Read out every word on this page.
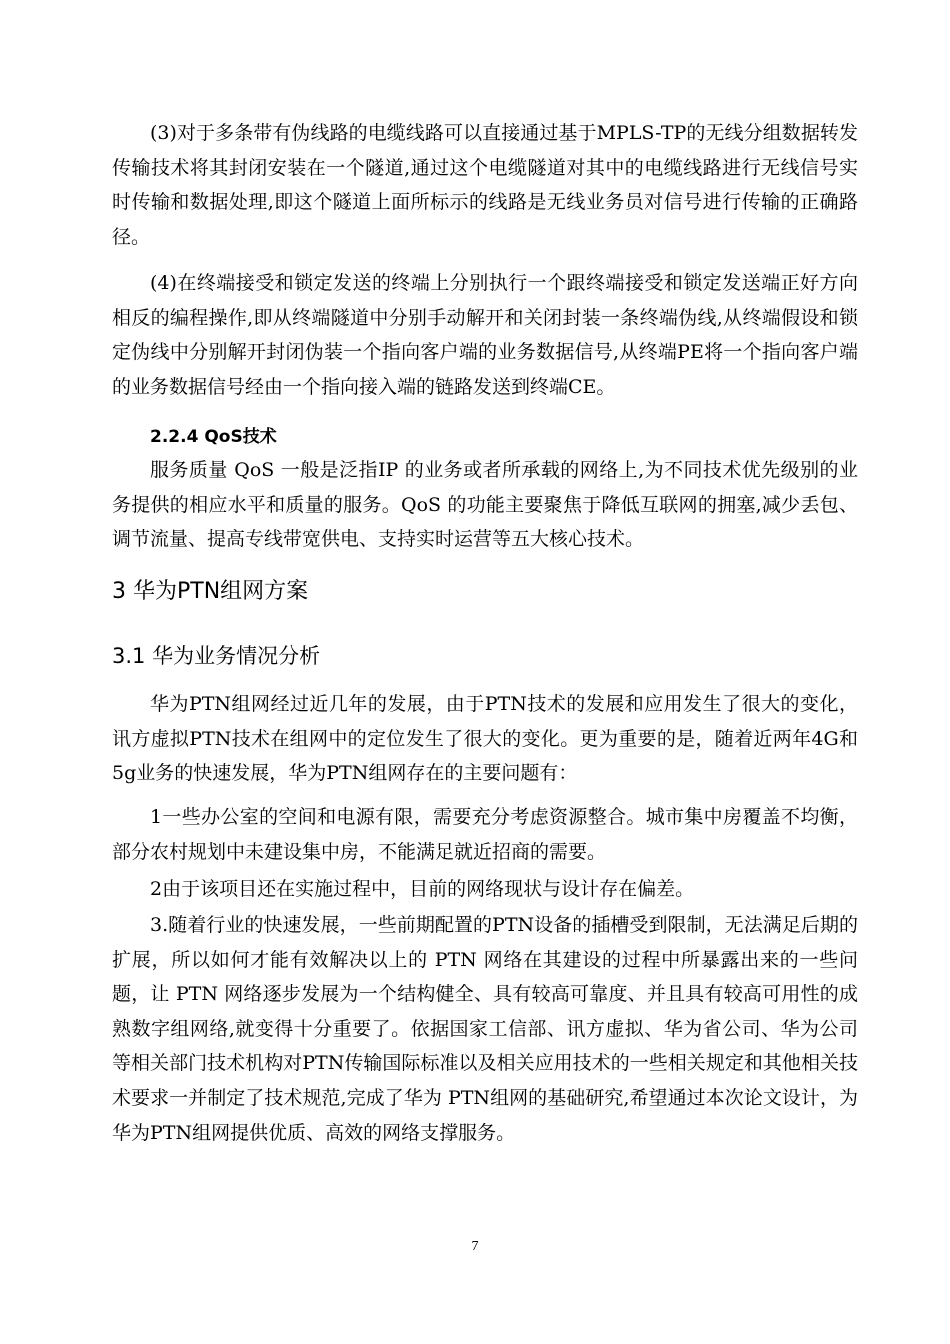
(3)对于多条带有伪线路的电缆线路可以直接通过基于MPLS-TP的无线分组数据转发传输技术将其封闭安装在一个隧道,通过这个电缆隧道对其中的电缆线路进行无线信号实时传输和数据处理,即这个隧道上面所标示的线路是无线业务员对信号进行传输的正确路径。

(4)在终端接受和锁定发送的终端上分别执行一个跟终端接受和锁定发送端正好方向相反的编程操作,即从终端隧道中分别手动解开和关闭封装一条终端伪线,从终端假设和锁定伪线中分别解开封闭伪装一个指向客户端的业务数据信号,从终端PE将一个指向客户端的业务数据信号经由一个指向接入端的链路发送到终端CE。

2.2.4 QoS技术

服务质量 QoS 一般是泛指IP 的业务或者所承载的网络上,为不同技术优先级别的业务提供的相应水平和质量的服务。QoS 的功能主要聚焦于降低互联网的拥塞,减少丢包、调节流量、提高专线带宽供电、支持实时运营等五大核心技术。

3 华为PTN组网方案
3.1 华为业务情况分析

华为PTN组网经过近几年的发展，由于PTN技术的发展和应用发生了很大的变化，讯方虚拟PTN技术在组网中的定位发生了很大的变化。更为重要的是，随着近两年4G和5g业务的快速发展，华为PTN组网存在的主要问题有：

1一些办公室的空间和电源有限，需要充分考虑资源整合。城市集中房覆盖不均衡，部分农村规划中未建设集中房，不能满足就近招商的需要。

2由于该项目还在实施过程中，目前的网络现状与设计存在偏差。

3.随着行业的快速发展，一些前期配置的PTN设备的插槽受到限制，无法满足后期的扩展，所以如何才能有效解决以上的 PTN 网络在其建设的过程中所暴露出来的一些问题，让 PTN 网络逐步发展为一个结构健全、具有较高可靠度、并且具有较高可用性的成熟数字组网络,就变得十分重要了。依据国家工信部、讯方虚拟、华为省公司、华为公司等相关部门技术机构对PTN传输国际标准以及相关应用技术的一些相关规定和其他相关技术要求一并制定了技术规范,完成了华为 PTN组网的基础研究,希望通过本次论文设计，为华为PTN组网提供优质、高效的网络支撑服务。

7
